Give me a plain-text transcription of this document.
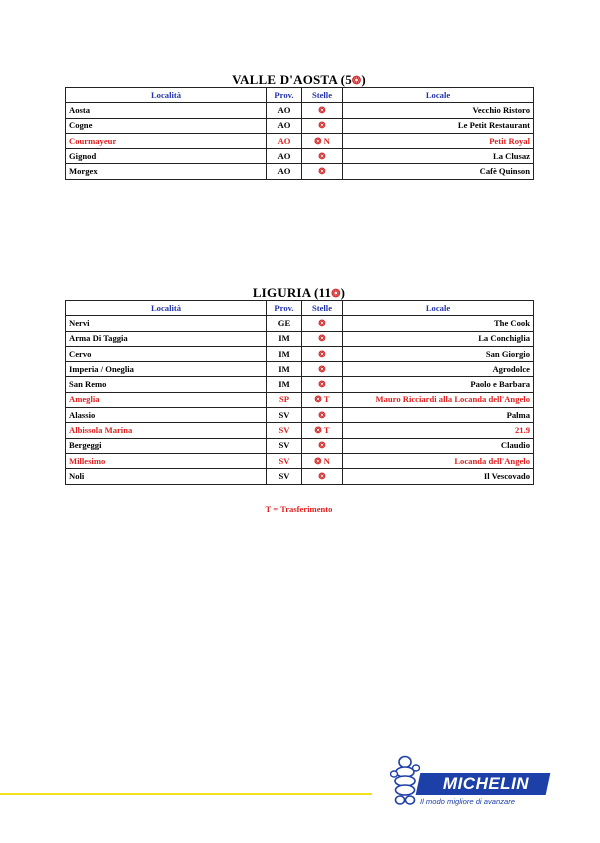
VALLE D'AOSTA (5❂)
Località	Prov.	Stelle	Locale
Aosta	AO	❂	Vecchio Ristoro
Cogne	AO	❂	Le Petit Restaurant
Courmayeur	AO	❂ N	Petit Royal
Gignod	AO	❂	La Clusaz
Morgex	AO	❂	Cafè Quinson
LIGURIA (11❂)
Località	Prov.	Stelle	Locale
Nervi	GE	❂	The Cook
Arma Di Taggia	IM	❂	La Conchiglia
Cervo	IM	❂	San Giorgio
Imperia / Oneglia	IM	❂	Agrodolce
San Remo	IM	❂	Paolo e Barbara
Ameglia	SP	❂ T	Mauro Ricciardi alla Locanda dell'Angelo
Alassio	SV	❂	Palma
Albissola Marina	SV	❂ T	21.9
Bergeggi	SV	❂	Claudio
Millesimo	SV	❂ N	Locanda dell'Angelo
Noli	SV	❂	Il Vescovado
T = Trasferimento
MICHELIN
Il modo migliore di avanzare
